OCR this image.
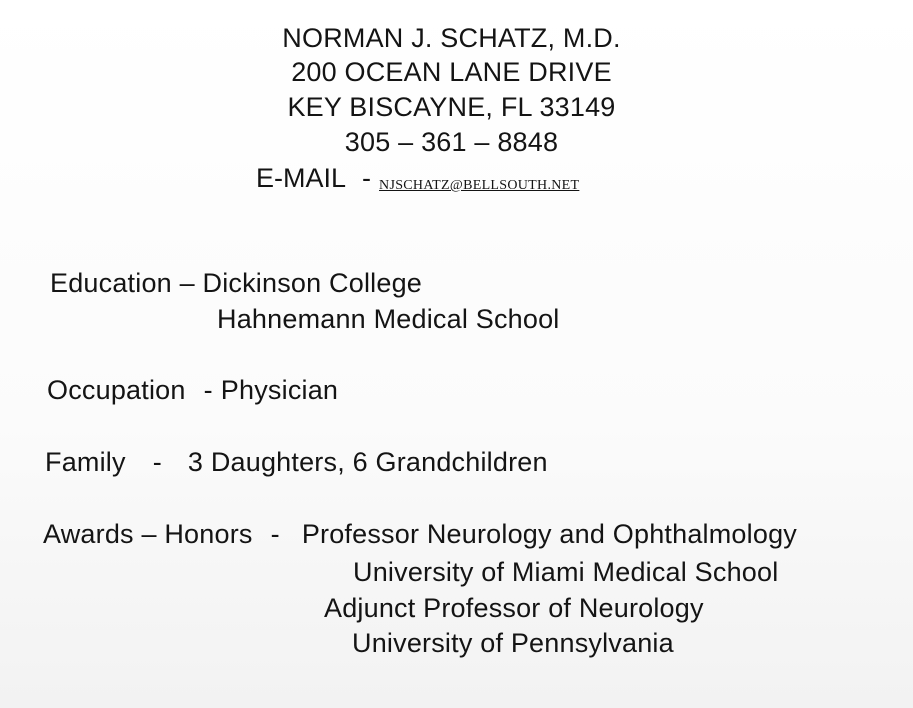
NORMAN J. SCHATZ, M.D.
200 OCEAN LANE DRIVE
KEY BISCAYNE, FL 33149
305 – 361 – 8848
E-MAIL - NJSCHATZ@BELLSOUTH.NET
Education – Dickinson College
Hahnemann Medical School
Occupation - Physician
Family - 3 Daughters, 6 Grandchildren
Awards – Honors - Professor Neurology and Ophthalmology
University of Miami Medical School
Adjunct Professor of Neurology
University of Pennsylvania
